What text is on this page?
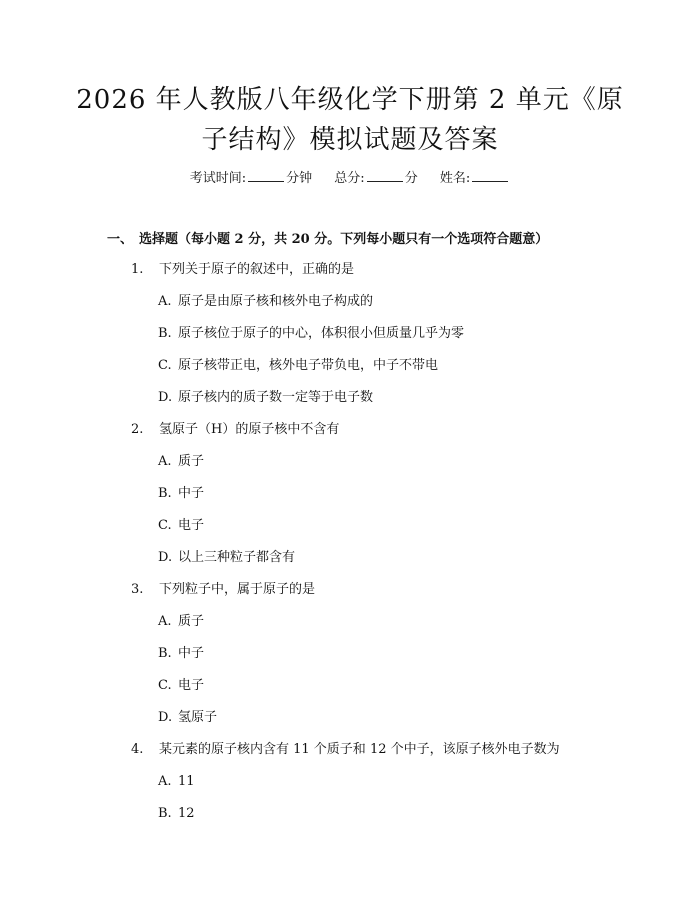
2026 年人教版八年级化学下册第 2 单元《原
子结构》模拟试题及答案
考试时间:	分钟 总分:	分 姓名:
一、 选择题（每小题 2 分，共 20 分。下列每小题只有一个选项符合题意）
1. 下列关于原子的叙述中，正确的是
A. 原子是由原子核和核外电子构成的
B. 原子核位于原子的中心，体积很小但质量几乎为零
C. 原子核带正电，核外电子带负电，中子不带电
D. 原子核内的质子数一定等于电子数
2. 氢原子（H）的原子核中不含有
A. 质子
B. 中子
C. 电子
D. 以上三种粒子都含有
3. 下列粒子中，属于原子的是
A. 质子
B. 中子
C. 电子
D. 氢原子
4. 某元素的原子核内含有 11 个质子和 12 个中子，该原子核外电子数为
A. 11
B. 12
